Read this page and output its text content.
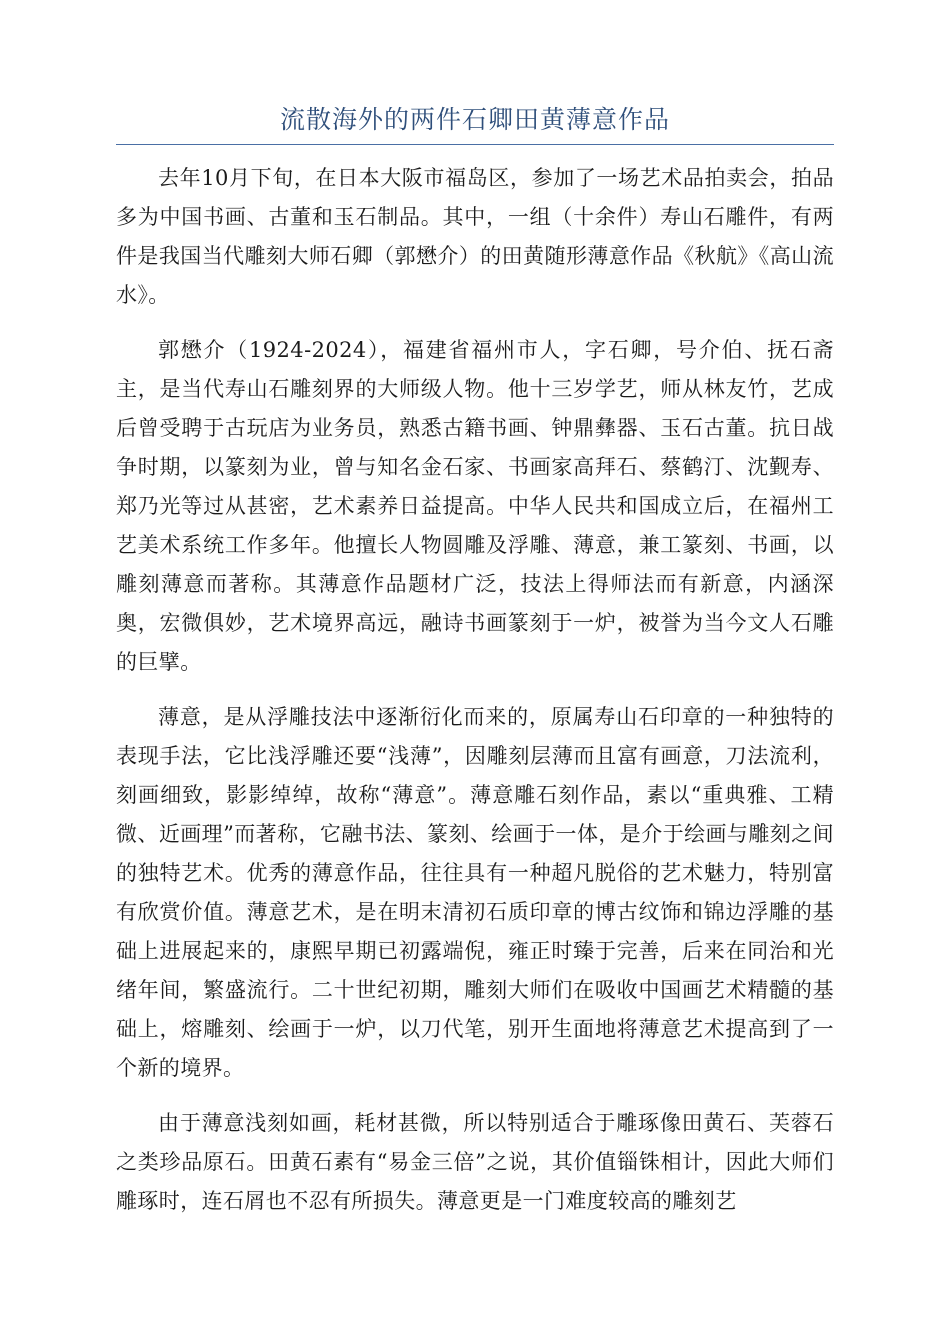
流散海外的两件石卿田黄薄意作品

去年10月下旬，在日本大阪市福岛区，参加了一场艺术品拍卖会，拍品多为中国书画、古董和玉石制品。其中，一组（十余件）寿山石雕件，有两件是我国当代雕刻大师石卿（郭懋介）的田黄随形薄意作品《秋航》《高山流水》。

郭懋介（1924-2024），福建省福州市人，字石卿，号介伯、抚石斋主，是当代寿山石雕刻界的大师级人物。他十三岁学艺，师从林友竹，艺成后曾受聘于古玩店为业务员，熟悉古籍书画、钟鼎彝器、玉石古董。抗日战争时期，以篆刻为业，曾与知名金石家、书画家高拜石、蔡鹤汀、沈觐寿、郑乃光等过从甚密，艺术素养日益提高。中华人民共和国成立后，在福州工艺美术系统工作多年。他擅长人物圆雕及浮雕、薄意，兼工篆刻、书画，以雕刻薄意而著称。其薄意作品题材广泛，技法上得师法而有新意，内涵深奥，宏微俱妙，艺术境界高远，融诗书画篆刻于一炉，被誉为当今文人石雕的巨擘。

薄意，是从浮雕技法中逐渐衍化而来的，原属寿山石印章的一种独特的表现手法，它比浅浮雕还要“浅薄”，因雕刻层薄而且富有画意，刀法流利，刻画细致，影影绰绰，故称“薄意”。薄意雕石刻作品，素以“重典雅、工精微、近画理”而著称，它融书法、篆刻、绘画于一体，是介于绘画与雕刻之间的独特艺术。优秀的薄意作品，往往具有一种超凡脱俗的艺术魅力，特别富有欣赏价值。薄意艺术，是在明末清初石质印章的博古纹饰和锦边浮雕的基础上进展起来的，康熙早期已初露端倪，雍正时臻于完善，后来在同治和光绪年间，繁盛流行。二十世纪初期，雕刻大师们在吸收中国画艺术精髓的基础上，熔雕刻、绘画于一炉，以刀代笔，别开生面地将薄意艺术提高到了一个新的境界。

由于薄意浅刻如画，耗材甚微，所以特别适合于雕琢像田黄石、芙蓉石之类珍品原石。田黄石素有“易金三倍”之说，其价值锱铢相计，因此大师们雕琢时，连石屑也不忍有所损失。薄意更是一门难度较高的雕刻艺
